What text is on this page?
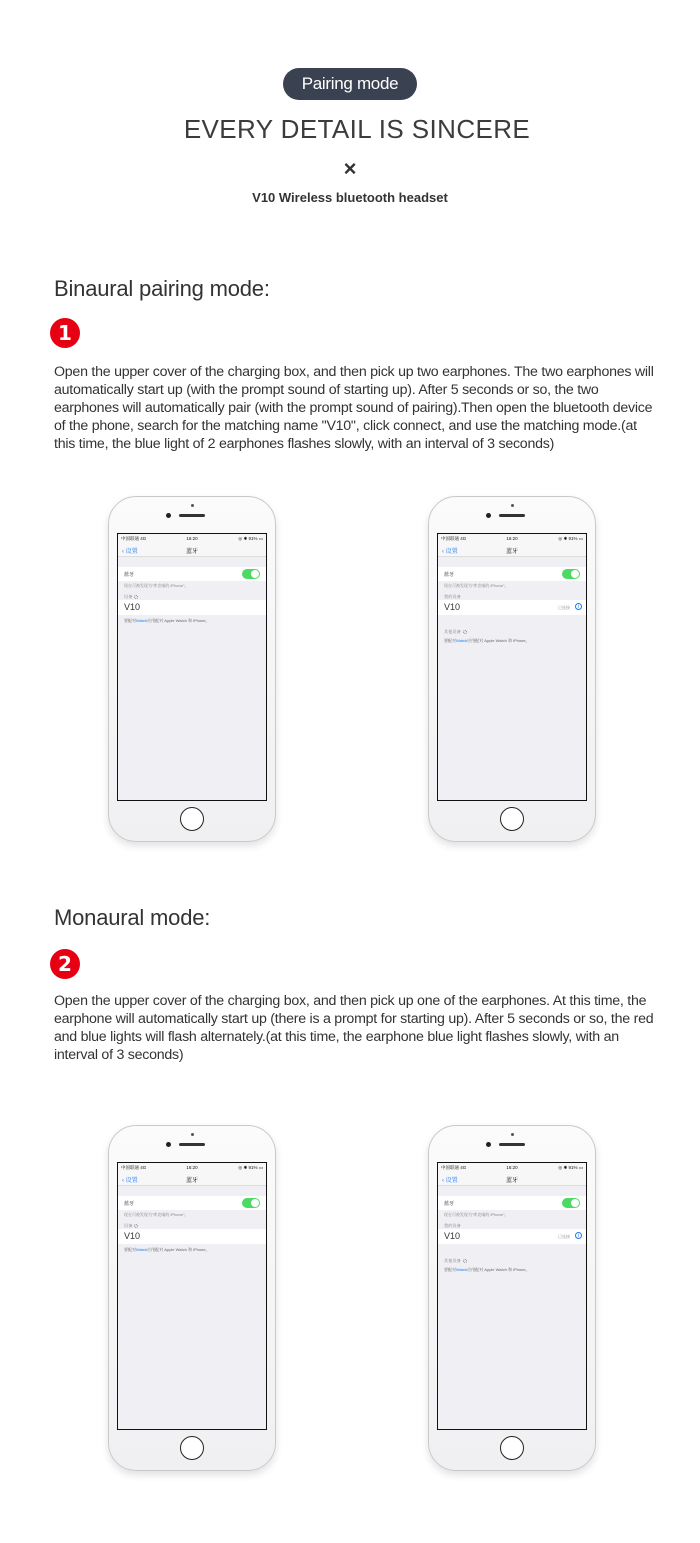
Pairing mode
EVERY DETAIL IS SINCERE
×
V10 Wireless bluetooth headset
Binaural pairing mode:
1

Open the upper cover of the charging box, and then pick up two earphones. The two earphones will automatically start up (with the prompt sound of starting up). After 5 seconds or so, the two earphones will automatically pair (with the prompt sound of pairing).Then open the bluetooth device of the phone, search for the matching name "V10", click connect, and use the matching mode.(at this time, the blue light of 2 earphones flashes slowly, with an interval of 3 seconds)

中国联通 4G	16:20	◎ ✱ 91% ▭
‹ 设置	蓝牙
蓝牙
现在可被发现为"库克喵的 iPhone"。
设备
V10
要配对Watch应用配对 Apple Watch 和 iPhone。
中国联通 4G	16:20	◎ ✱ 91% ▭
‹ 设置	蓝牙
蓝牙
现在可被发现为"库克喵的 iPhone"。
我的设备
V10	已连接	i
其他设备
要配对Watch应用配对 Apple Watch 和 iPhone。
Monaural mode:
2

Open the upper cover of the charging box, and then pick up one of the earphones. At this time, the earphone will automatically start up (there is a prompt for starting up). After 5 seconds or so, the red and blue lights will flash alternately.(at this time, the earphone blue light flashes slowly, with an interval of 3 seconds)

中国联通 4G	16:20	◎ ✱ 91% ▭
‹ 设置	蓝牙
蓝牙
现在可被发现为"库克喵的 iPhone"。
设备
V10
要配对Watch应用配对 Apple Watch 和 iPhone。
中国联通 4G	16:20	◎ ✱ 91% ▭
‹ 设置	蓝牙
蓝牙
现在可被发现为"库克喵的 iPhone"。
我的设备
V10	已连接	i
其他设备
要配对Watch应用配对 Apple Watch 和 iPhone。
